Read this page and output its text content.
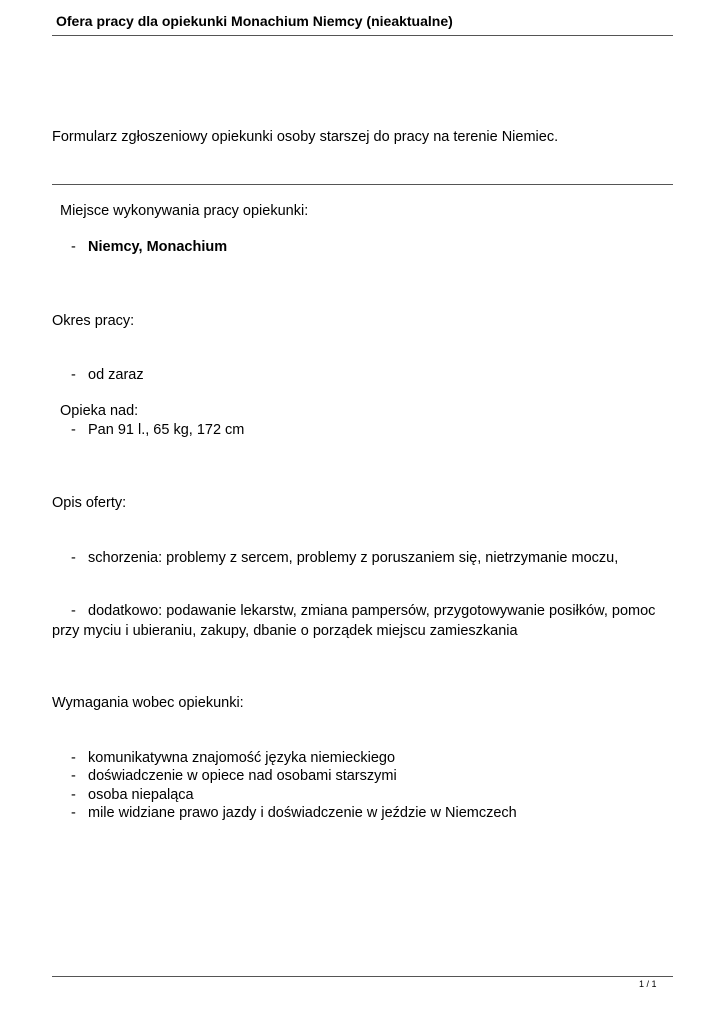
Ofera pracy dla opiekunki Monachium Niemcy (nieaktualne)
Formularz zgłoszeniowy opiekunki osoby starszej do pracy na terenie Niemiec.
Miejsce wykonywania pracy opiekunki:
- Niemcy, Monachium
Okres pracy:
- od zaraz
Opieka nad:
- Pan 91 l., 65 kg, 172 cm
Opis oferty:
- schorzenia: problemy z sercem, problemy z poruszaniem się, nietrzymanie moczu,
- dodatkowo: podawanie lekarstw, zmiana pampersów, przygotowywanie posiłków, pomoc
przy myciu i ubieraniu, zakupy, dbanie o porządek miejscu zamieszkania
Wymagania wobec opiekunki:
- komunikatywna znajomość języka niemieckiego
- doświadczenie w opiece nad osobami starszymi
- osoba niepaląca
- mile widziane prawo jazdy i doświadczenie w jeździe w Niemczech
1 / 1
